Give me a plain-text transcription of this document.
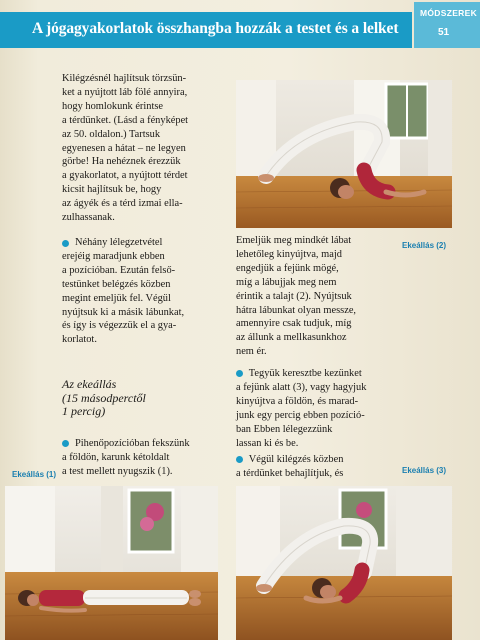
A jógagyakorlatok összhangba hozzák a testet és a lelket
MÓDSZEREK
51
Kilégzésnél hajlítsuk törzsün-
ket a nyújtott láb fölé annyira,
hogy homlokunk érintse
a térdünket. (Lásd a fényképet
az 50. oldalon.) Tartsuk
egyenesen a hátat – ne legyen
görbe! Ha nehéznek érezzük
a gyakorlatot, a nyújtott térdet
kicsit hajlítsuk be, hogy
az ágyék és a térd izmai ella-
zulhassanak.
Néhány lélegzetvétel
erejéig maradjunk ebben
a pozícióban. Ezután felső-
testünket belégzés közben
megint emeljük fel. Végül
nyújtsuk ki a másik lábunkat,
és így is végezzük el a gya-
korlatot.
Az ekeállás
(15 másodperctől
1 percig)
Pihenőpozícióban fekszünk
a földön, karunk kétoldalt
a test mellett nyugszik (1).
Emeljük meg mindkét lábat
lehetőleg kinyújtva, majd
engedjük a fejünk mögé,
míg a lábujjak meg nem
érintik a talajt (2). Nyújtsuk
hátra lábunkat olyan messze,
amennyire csak tudjuk, míg
az állunk a mellkasunkhoz
nem ér.
Tegyük keresztbe kezünket
a fejünk alatt (3), vagy hagyjuk
kinyújtva a földön, és marad-
junk egy percig ebben pozíció-
ban Ebben lélegezzünk
lassan ki és be.
Végül kilégzés közben
a térdünket behajlítjuk, és
Ekeállás (2)
Ekeállás (1)	Ekeállás (3)
